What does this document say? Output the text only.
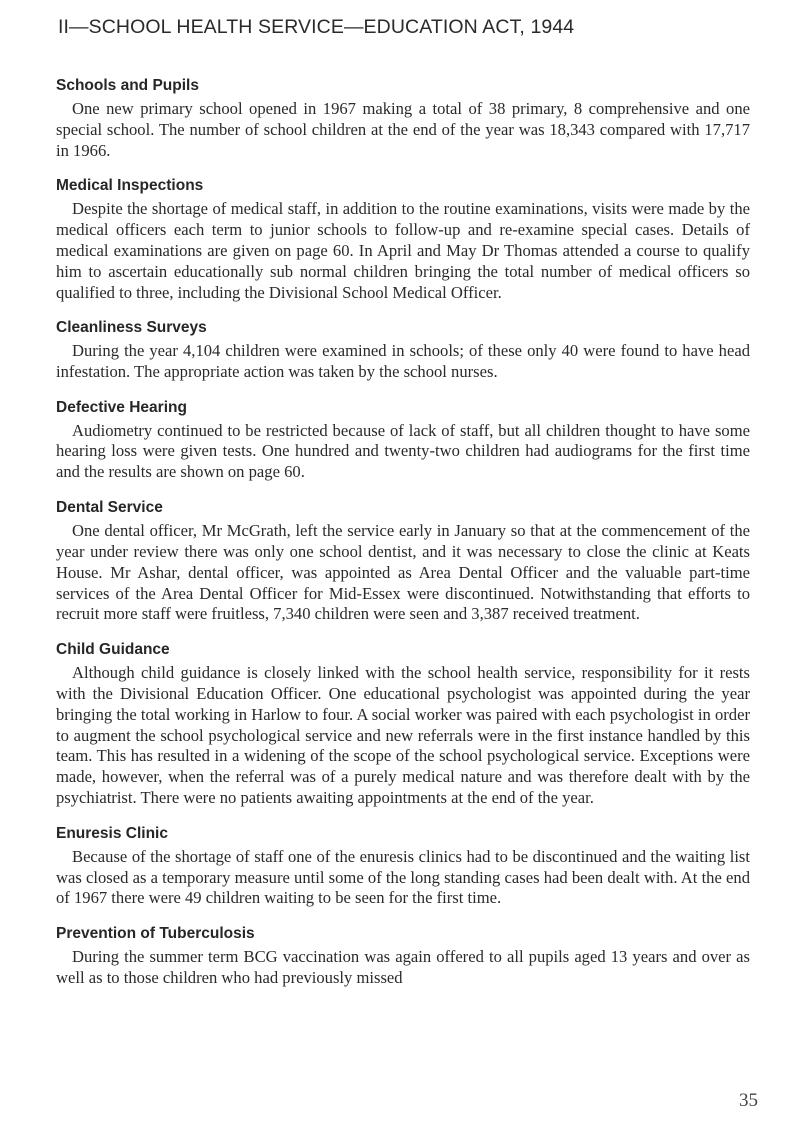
II—SCHOOL HEALTH SERVICE—EDUCATION ACT, 1944
Schools and Pupils

One new primary school opened in 1967 making a total of 38 primary, 8 comprehensive and one special school. The number of school children at the end of the year was 18,343 compared with 17,717 in 1966.

Medical Inspections

Despite the shortage of medical staff, in addition to the routine examinations, visits were made by the medical officers each term to junior schools to follow-up and re-examine special cases. Details of medical examinations are given on page 60. In April and May Dr Thomas attended a course to qualify him to ascertain educationally sub normal children bringing the total number of medical officers so qualified to three, including the Divisional School Medical Officer.

Cleanliness Surveys

During the year 4,104 children were examined in schools; of these only 40 were found to have head infestation. The appropriate action was taken by the school nurses.

Defective Hearing

Audiometry continued to be restricted because of lack of staff, but all children thought to have some hearing loss were given tests. One hundred and twenty-two children had audiograms for the first time and the results are shown on page 60.

Dental Service

One dental officer, Mr McGrath, left the service early in January so that at the commencement of the year under review there was only one school dentist, and it was necessary to close the clinic at Keats House. Mr Ashar, dental officer, was appointed as Area Dental Officer and the valuable part-time services of the Area Dental Officer for Mid-Essex were discontinued. Notwithstanding that efforts to recruit more staff were fruitless, 7,340 children were seen and 3,387 received treatment.

Child Guidance

Although child guidance is closely linked with the school health service, responsibility for it rests with the Divisional Education Officer. One educational psychologist was appointed during the year bringing the total working in Harlow to four. A social worker was paired with each psychologist in order to augment the school psychological service and new referrals were in the first instance handled by this team. This has resulted in a widening of the scope of the school psychological service. Exceptions were made, however, when the referral was of a purely medical nature and was therefore dealt with by the psychiatrist. There were no patients awaiting appointments at the end of the year.

Enuresis Clinic

Because of the shortage of staff one of the enuresis clinics had to be discontinued and the waiting list was closed as a temporary measure until some of the long standing cases had been dealt with. At the end of 1967 there were 49 children waiting to be seen for the first time.

Prevention of Tuberculosis

During the summer term BCG vaccination was again offered to all pupils aged 13 years and over as well as to those children who had previously missed

35
